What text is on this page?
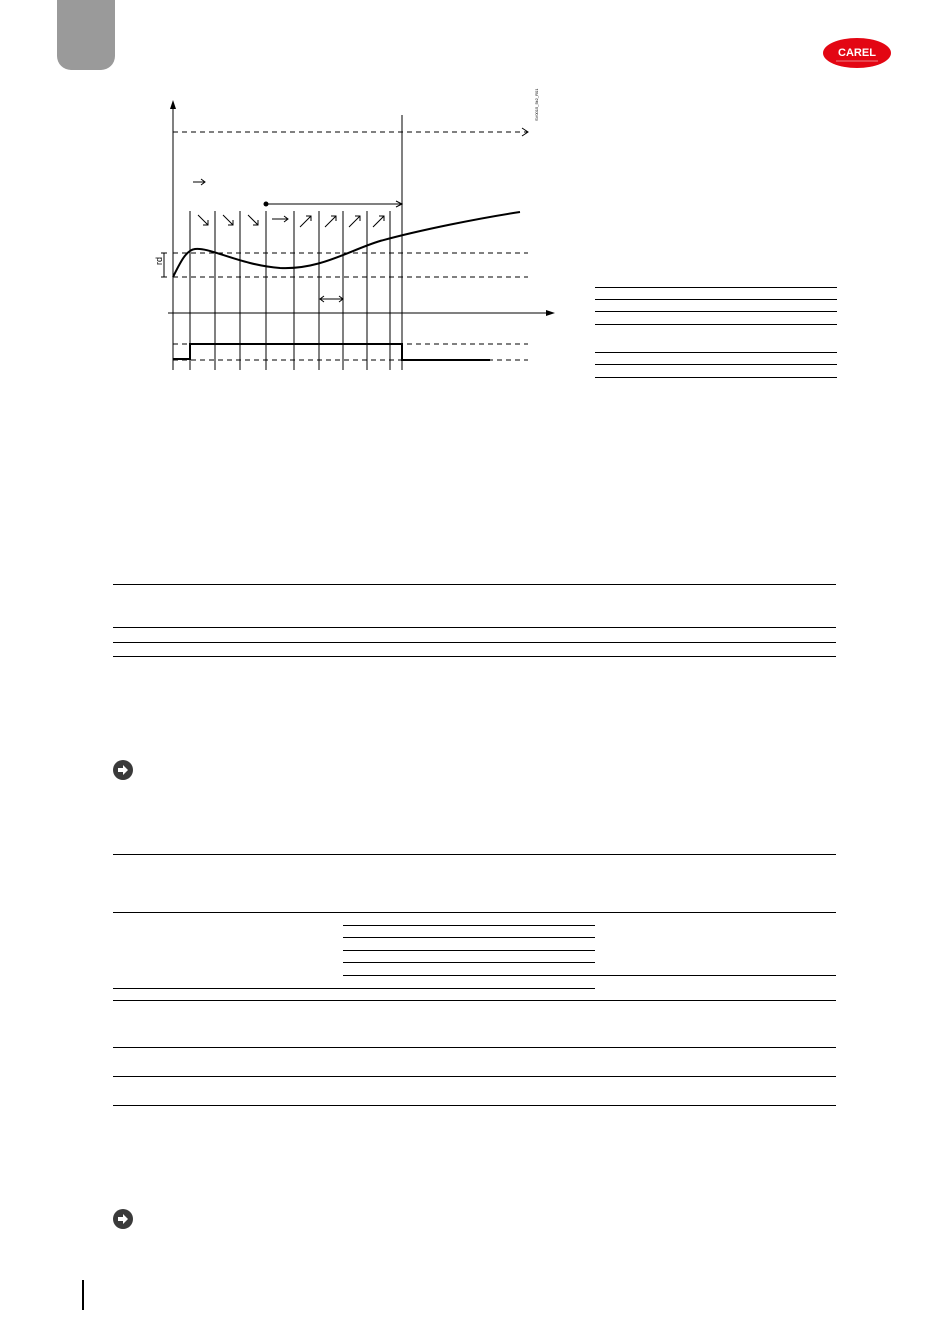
CAREL
rd
SV0015_5k2_R01
